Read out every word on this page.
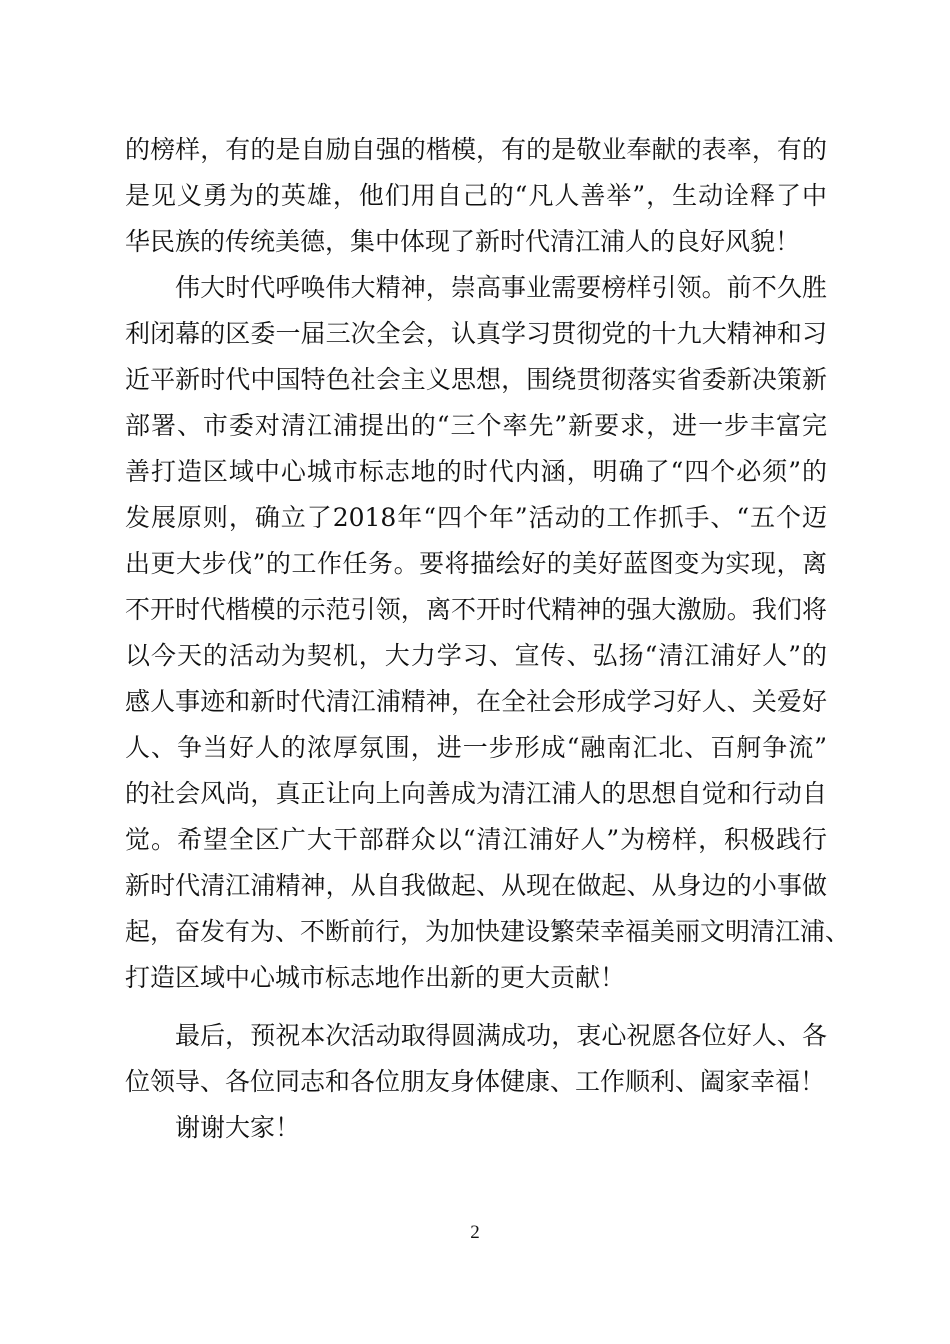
的榜样，有的是自励自强的楷模，有的是敬业奉献的表率，有的
是见义勇为的英雄，他们用自己的“凡人善举”，生动诠释了中
华民族的传统美德，集中体现了新时代清江浦人的良好风貌！
伟大时代呼唤伟大精神，崇高事业需要榜样引领。前不久胜
利闭幕的区委一届三次全会，认真学习贯彻党的十九大精神和习
近平新时代中国特色社会主义思想，围绕贯彻落实省委新决策新
部署、市委对清江浦提出的“三个率先”新要求，进一步丰富完
善打造区域中心城市标志地的时代内涵，明确了“四个必须”的
发展原则，确立了2018年“四个年”活动的工作抓手、“五个迈
出更大步伐”的工作任务。要将描绘好的美好蓝图变为实现，离
不开时代楷模的示范引领，离不开时代精神的强大激励。我们将
以今天的活动为契机，大力学习、宣传、弘扬“清江浦好人”的
感人事迹和新时代清江浦精神，在全社会形成学习好人、关爱好
人、争当好人的浓厚氛围，进一步形成“融南汇北、百舸争流”
的社会风尚，真正让向上向善成为清江浦人的思想自觉和行动自
觉。希望全区广大干部群众以“清江浦好人”为榜样，积极践行
新时代清江浦精神，从自我做起、从现在做起、从身边的小事做
起，奋发有为、不断前行，为加快建设繁荣幸福美丽文明清江浦、
打造区域中心城市标志地作出新的更大贡献！
最后，预祝本次活动取得圆满成功，衷心祝愿各位好人、各
位领导、各位同志和各位朋友身体健康、工作顺利、阖家幸福！
谢谢大家！
2
